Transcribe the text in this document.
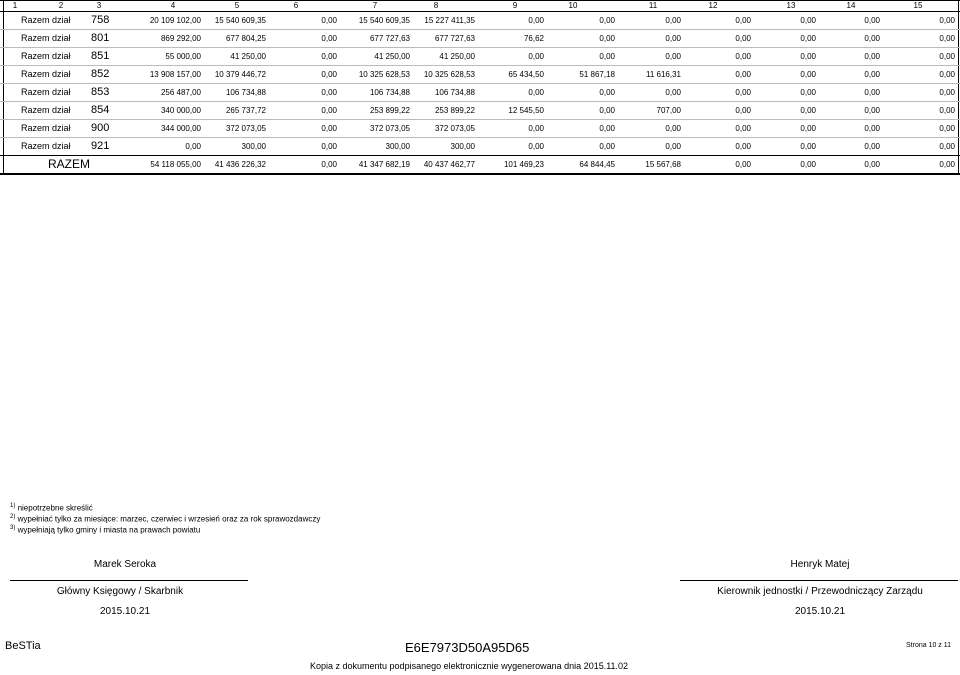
1	2	3	4	5	6	7	8	9	10	11	12	13	14	15
Razem dział 758	20 109 102,00	15 540 609,35	0,00	15 540 609,35	15 227 411,35	0,00	0,00	0,00	0,00	0,00	0,00	0,00
Razem dział 801	869 292,00	677 804,25	0,00	677 727,63	677 727,63	76,62	0,00	0,00	0,00	0,00	0,00	0,00
Razem dział 851	55 000,00	41 250,00	0,00	41 250,00	41 250,00	0,00	0,00	0,00	0,00	0,00	0,00	0,00
Razem dział 852	13 908 157,00	10 379 446,72	0,00	10 325 628,53	10 325 628,53	65 434,50	51 867,18	11 616,31	0,00	0,00	0,00	0,00
Razem dział 853	256 487,00	106 734,88	0,00	106 734,88	106 734,88	0,00	0,00	0,00	0,00	0,00	0,00	0,00
Razem dział 854	340 000,00	265 737,72	0,00	253 899,22	253 899,22	12 545,50	0,00	707,00	0,00	0,00	0,00	0,00
Razem dział 900	344 000,00	372 073,05	0,00	372 073,05	372 073,05	0,00	0,00	0,00	0,00	0,00	0,00	0,00
Razem dział 921	0,00	300,00	0,00	300,00	300,00	0,00	0,00	0,00	0,00	0,00	0,00	0,00
RAZEM	54 118 055,00	41 436 226,32	0,00	41 347 682,19	40 437 462,77	101 469,23	64 844,45	15 567,68	0,00	0,00	0,00	0,00
$^{1)}$ niepotrzebne skreślić
$^{2)}$ wypełniać tylko za miesiące: marzec, czerwiec i wrzesień oraz za rok sprawozdawczy
$^{3)}$ wypełniają tylko gminy i miasta na prawach powiatu
Marek Seroka
Główny Księgowy / Skarbnik
2015.10.21
Henryk Matej
Kierownik jednostki / Przewodniczący Zarządu
2015.10.21
BeSTia	E6E7973D50A95D65	Strona 10 z 11
Kopia z dokumentu podpisanego elektronicznie wygenerowana dnia 2015.11.02
